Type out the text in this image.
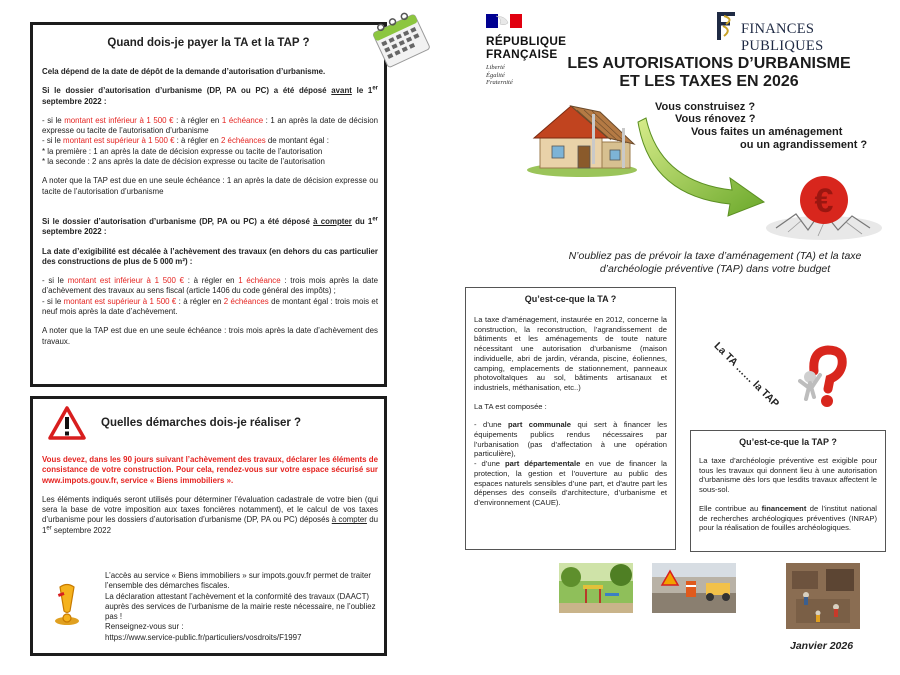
Quand dois-je payer la TA et la TAP ?

Cela dépend de la date de dépôt de la demande d’autorisation d’urbanisme.

Si le dossier d’autorisation d’urbanisme (DP, PA ou PC) a été déposé avant le 1er septembre 2022 :

- si le montant est inférieur à 1 500 € : à régler en 1 échéance : 1 an après la date de décision expresse ou tacite de l’autorisation d’urbanisme
- si le montant est supérieur à 1 500 € : à régler en 2 échéances de montant égal :
* la première : 1 an après la date de décision expresse ou tacite de l’autorisation

* la seconde : 2 ans après la date de décision expresse ou tacite de l’autorisation

A noter que la TAP est due en une seule échéance : 1 an après la date de décision expresse ou tacite de l’autorisation d’urbanisme

Si le dossier d’autorisation d’urbanisme (DP, PA ou PC) a été déposé à compter du 1er septembre 2022 :

La date d’exigibilité est décalée à l’achèvement des travaux (en dehors du cas particulier des constructions de plus de 5 000 m²) :

- si le montant est inférieur à 1 500 € : à régler en 1 échéance : trois mois après la date d’achèvement des travaux au sens fiscal (article 1406 du code général des impôts) ;

- si le montant est supérieur à 1 500 € : à régler en 2 échéances de montant égal : trois mois et neuf mois après la date d’achèvement.

A noter que la TAP est due en une seule échéance : trois mois après la date d’achèvement des travaux.

Quelles démarches dois-je réaliser ?

Vous devez, dans les 90 jours suivant l’achèvement des travaux, déclarer les éléments de consistance de votre construction. Pour cela, rendez-vous sur votre espace sécurisé sur www.impots.gouv.fr, service « Biens immobiliers ».

Les éléments indiqués seront utilisés pour déterminer l’évaluation cadastrale de votre bien (qui sera la base de votre imposition aux taxes foncières notamment), et le calcul de vos taxes d’urbanisme pour les dossiers d’autorisation d’urbanisme (DP, PA ou PC) déposés à compter du 1er septembre 2022

L’accès au service « Biens immobiliers » sur impots.gouv.fr permet de traiter l’ensemble des démarches fiscales.
La déclaration attestant l’achèvement et la conformité des travaux (DAACT) auprès des services de l’urbanisme de la mairie reste nécessaire, ne l’oubliez pas !
Renseignez-vous sur :
https://www.service-public.fr/particuliers/vosdroits/F1997
RÉPUBLIQUE
FRANÇAISE
Liberté
Égalité
Fraternité
FINANCES PUBLIQUES
LES AUTORISATIONS D’URBANISME
ET LES TAXES EN 2026
€
Vous construisez ?
Vous rénovez ?
Vous faites un aménagement
ou un agrandissement ?
N’oubliez pas de prévoir la taxe d’aménagement (TA) et la taxe
d’archéologie préventive (TAP) dans votre budget
Qu’est-ce-que la TA ?

La taxe d’aménagement, instaurée en 2012, concerne la construction, la reconstruction, l’agrandissement de bâtiments et les aménagements de toute nature nécessitant une autorisation d’urbanisme (maison individuelle, abri de jardin, véranda, piscine, éoliennes, camping, emplacements de stationnement, panneaux photovoltaïques au sol, bâtiments artisanaux et industriels, méthanisation, etc..)

La TA est composée :

- d’une part communale qui sert à financer les équipements publics rendus nécessaires par l’urbanisation (pas d’affectation à une opération particulière),

- d’une part départementale en vue de financer la protection, la gestion et l’ouverture au public des espaces naturels sensibles d’une part, et d’autre part les dépenses des conseils d’architecture, d’urbanisme et d’environnement (CAUE).

La TA …… la TAP
Qu’est-ce-que la TAP ?

La taxe d’archéologie préventive est exigible pour tous les travaux qui donnent lieu à une autorisation d’urbanisme dès lors que lesdits travaux affectent le sous-sol.

Elle contribue au financement de l’institut national de recherches archéologiques préventives (INRAP) pour la réalisation de fouilles archéologiques.

Janvier 2026
